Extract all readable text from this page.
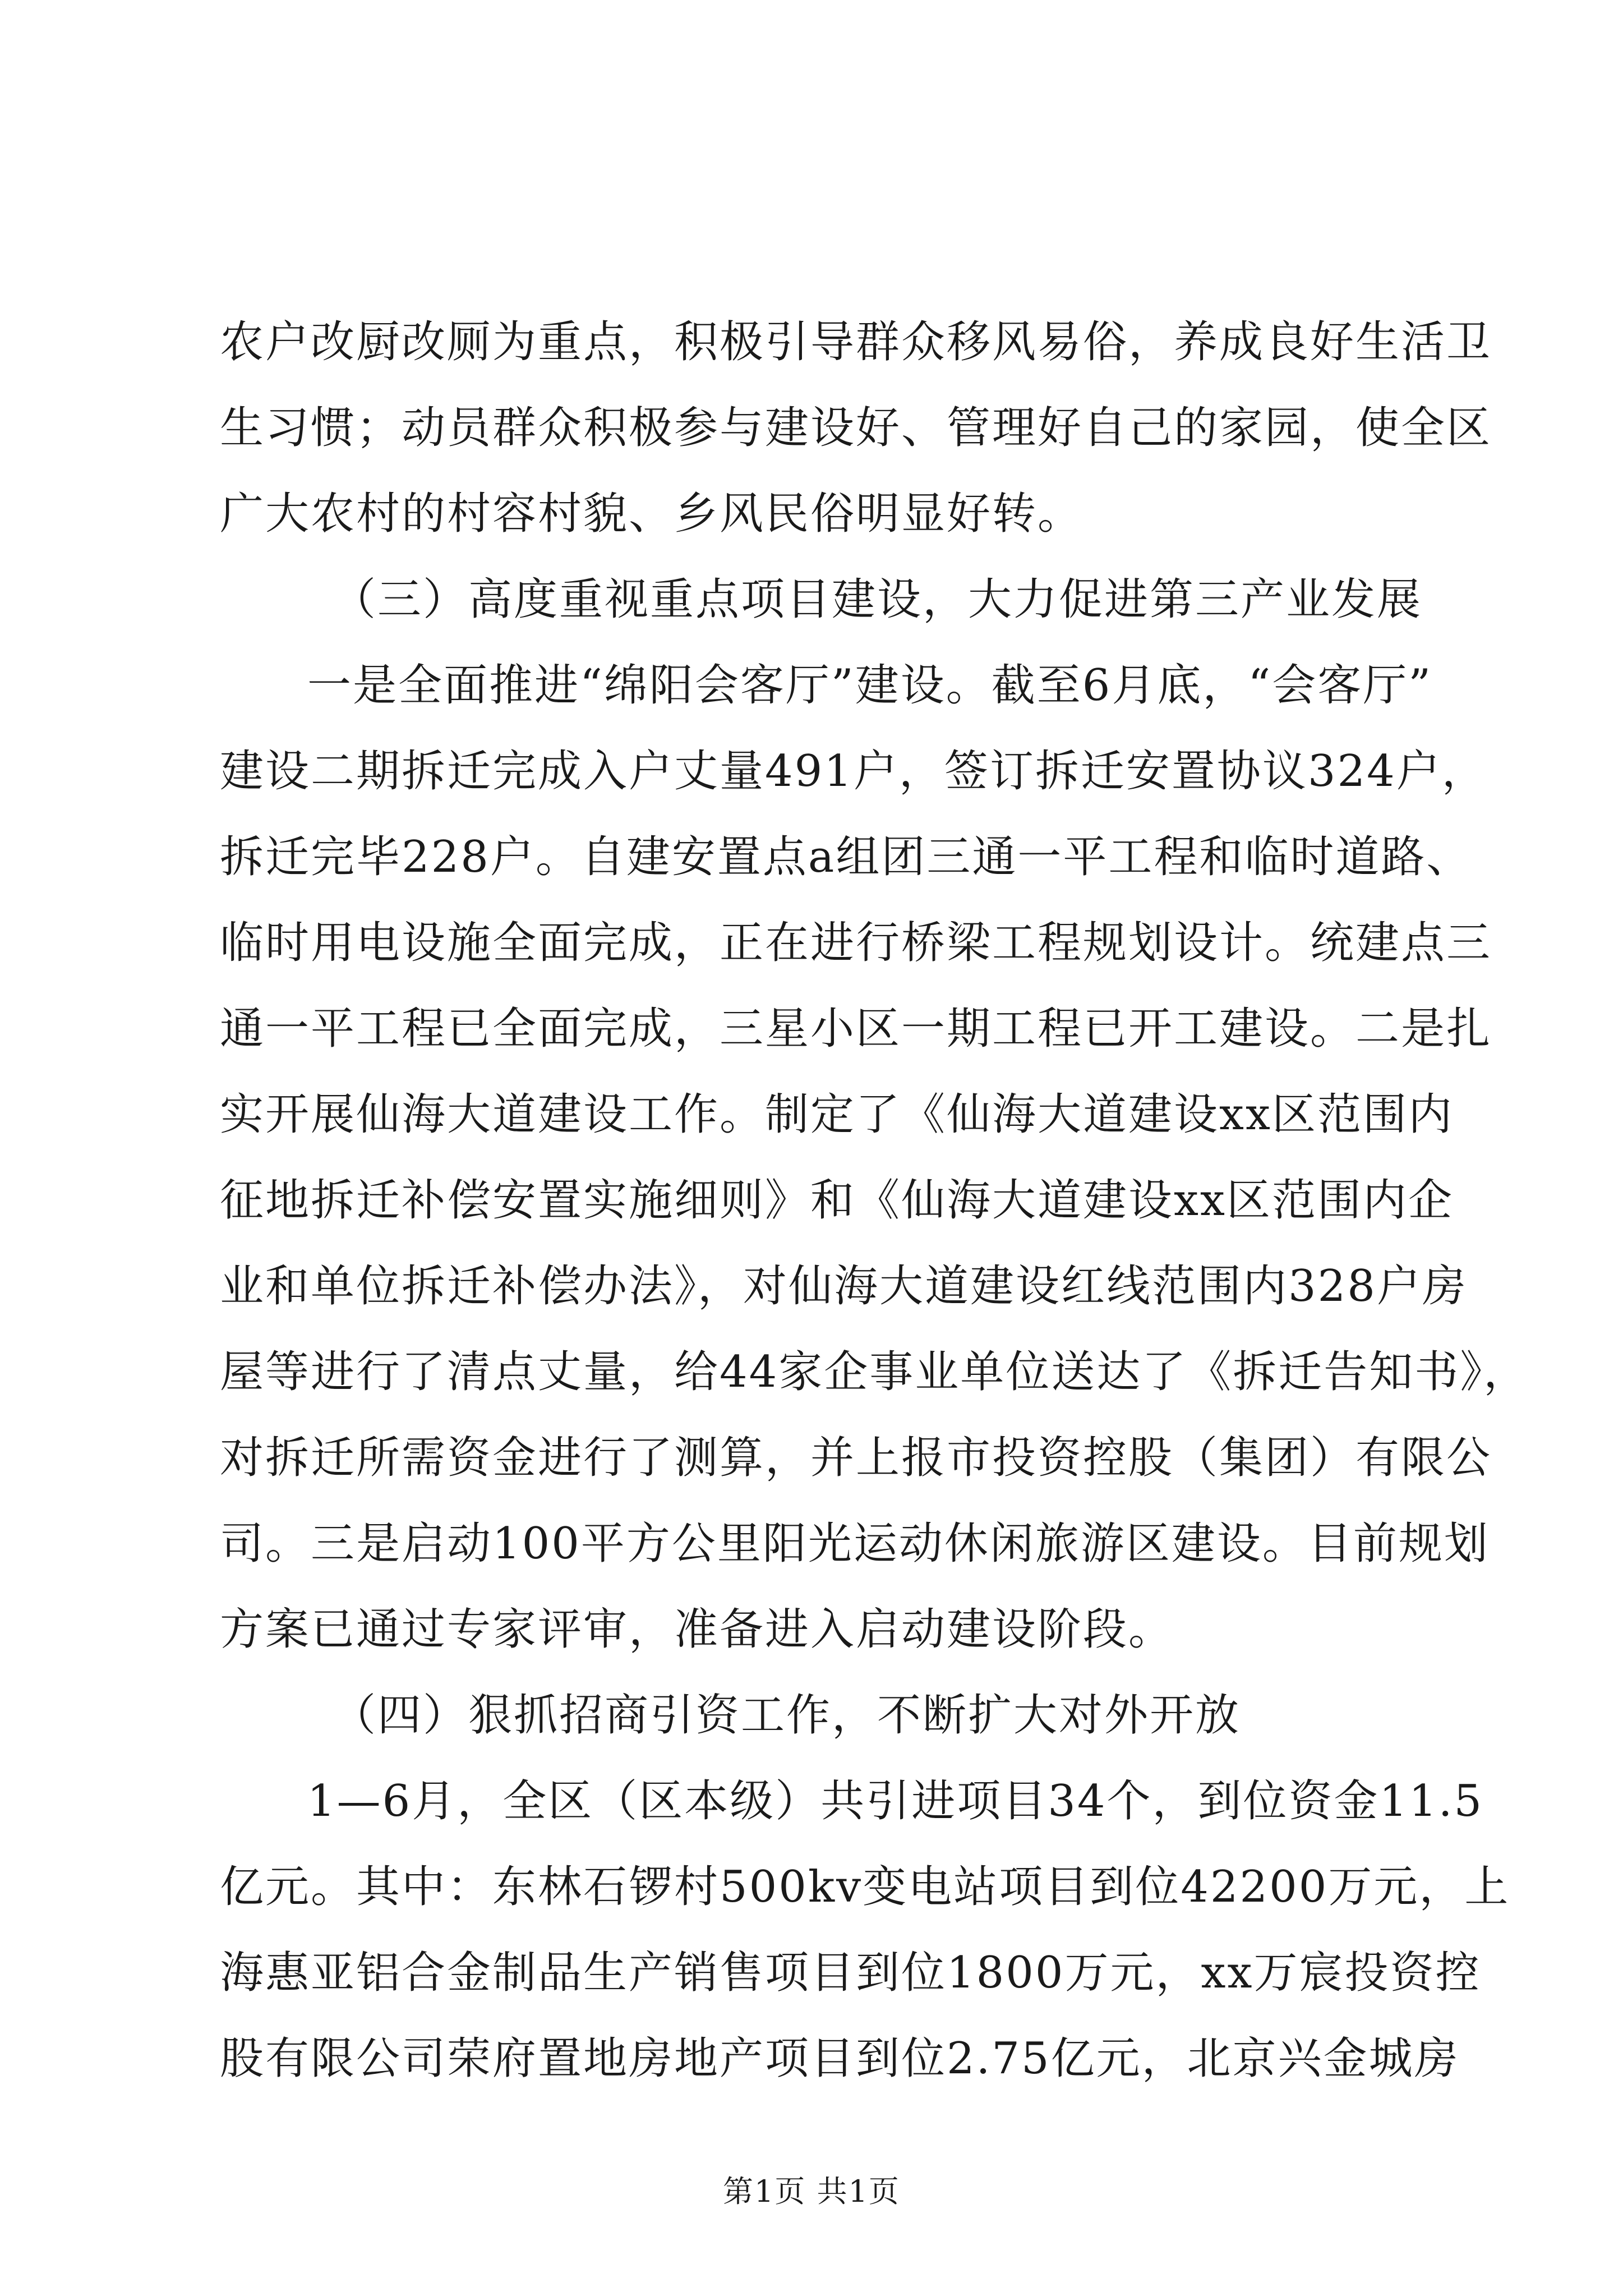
农户改厨改厕为重点，积极引导群众移风易俗，养成良好生活卫
生习惯；动员群众积极参与建设好、管理好自己的家园，使全区
广大农村的村容村貌、乡风民俗明显好转。
（三）高度重视重点项目建设，大力促进第三产业发展
一是全面推进“绵阳会客厅”建设。截至6月底，“会客厅”
建设二期拆迁完成入户丈量491户，签订拆迁安置协议324户，
拆迁完毕228户。自建安置点a组团三通一平工程和临时道路、
临时用电设施全面完成，正在进行桥梁工程规划设计。统建点三
通一平工程已全面完成，三星小区一期工程已开工建设。二是扎
实开展仙海大道建设工作。制定了《仙海大道建设xx区范围内
征地拆迁补偿安置实施细则》和《仙海大道建设xx区范围内企
业和单位拆迁补偿办法》，对仙海大道建设红线范围内328户房
屋等进行了清点丈量，给44家企事业单位送达了《拆迁告知书》，
对拆迁所需资金进行了测算，并上报市投资控股（集团）有限公
司。三是启动100平方公里阳光运动休闲旅游区建设。目前规划
方案已通过专家评审，准备进入启动建设阶段。
（四）狠抓招商引资工作，不断扩大对外开放
1—6月，全区（区本级）共引进项目34个，到位资金11.5
亿元。其中：东林石锣村500kv变电站项目到位42200万元，上
海惠亚铝合金制品生产销售项目到位1800万元，xx万宸投资控
股有限公司荣府置地房地产项目到位2.75亿元，北京兴金城房
第1页 共1页
